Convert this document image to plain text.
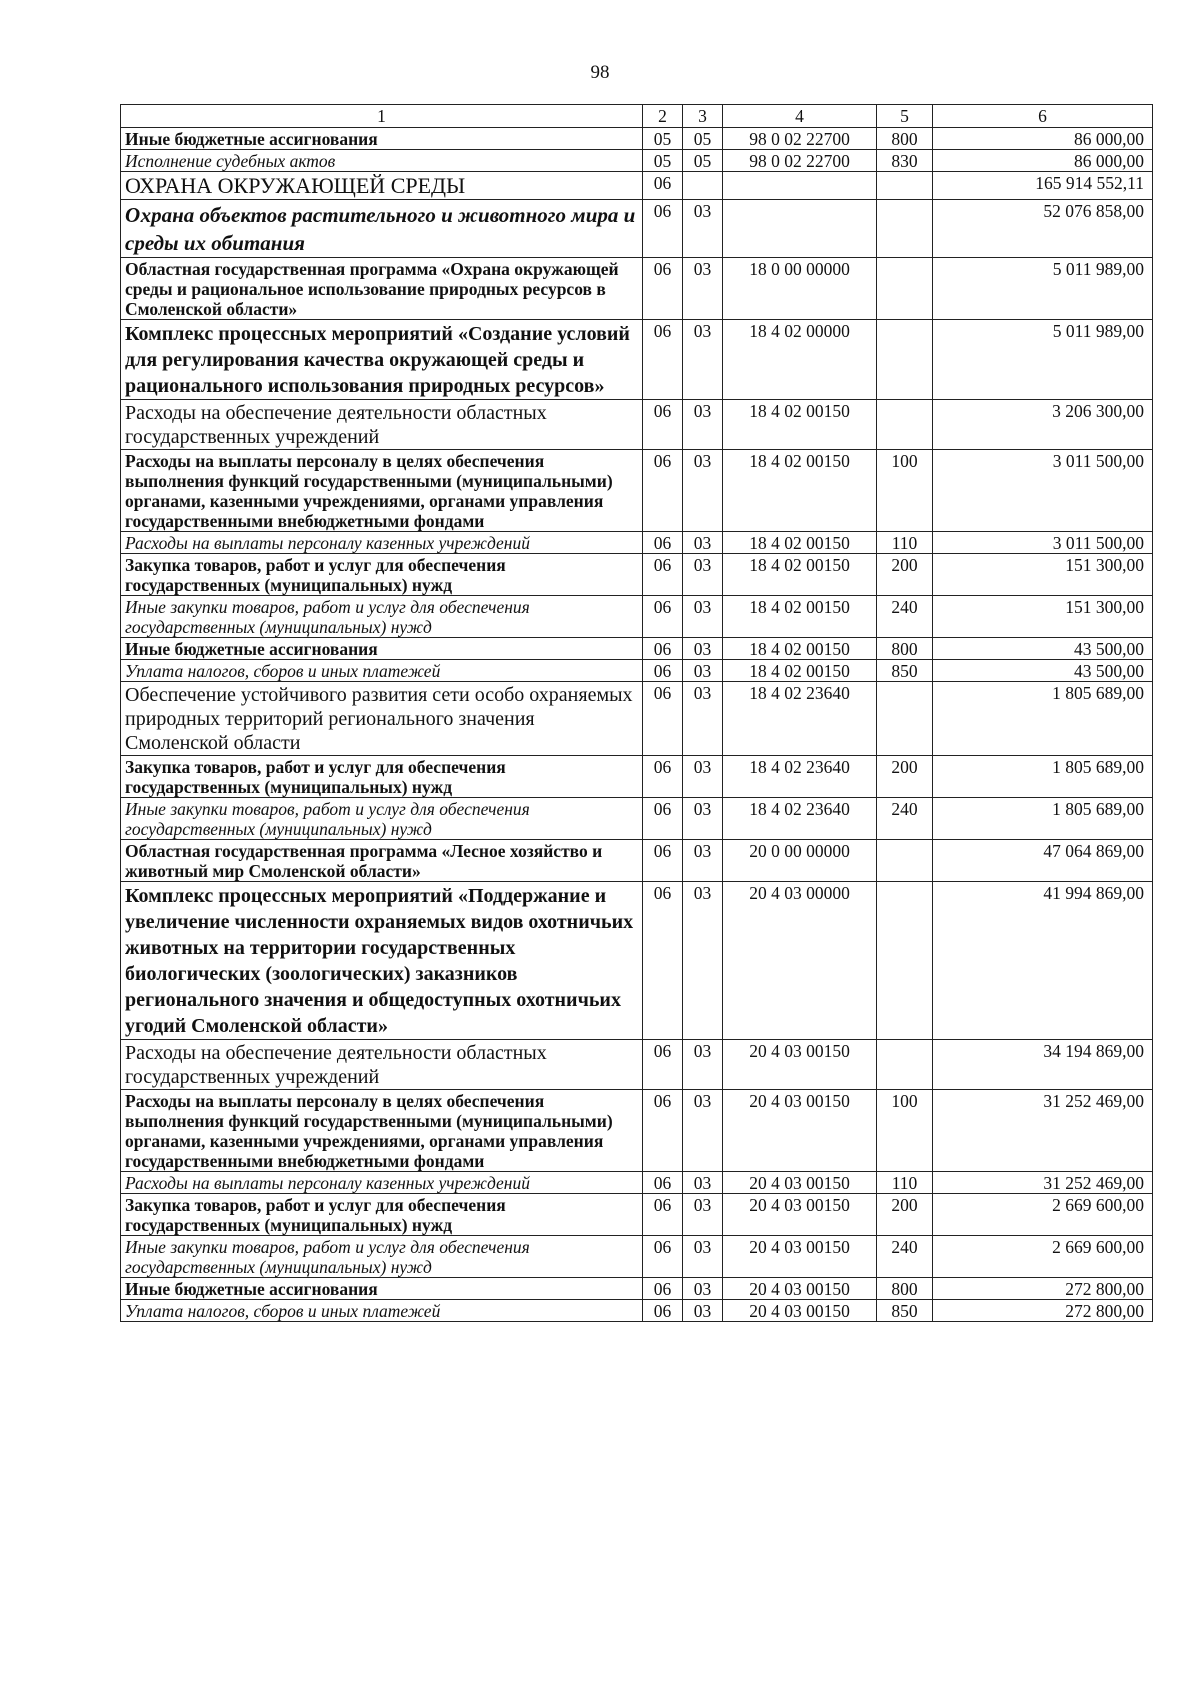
98
1	2	3	4	5	6
Иные бюджетные ассигнования	05	05	98 0 02 22700	800	86 000,00
Исполнение судебных актов	05	05	98 0 02 22700	830	86 000,00
ОХРАНА ОКРУЖАЮЩЕЙ СРЕДЫ	06				165 914 552,11
Охрана объектов растительного и животного мира и среды их обитания	06	03			52 076 858,00
Областная государственная программа «Охрана окружающей среды и рациональное использование природных ресурсов в Смоленской области»	06	03	18 0 00 00000		5 011 989,00
Комплекс процессных мероприятий «Создание условий для регулирования качества окружающей среды и рационального использования природных ресурсов»	06	03	18 4 02 00000		5 011 989,00
Расходы на обеспечение деятельности областных государственных учреждений	06	03	18 4 02 00150		3 206 300,00
Расходы на выплаты персоналу в целях обеспечения выполнения функций государственными (муниципальными) органами, казенными учреждениями, органами управления государственными внебюджетными фондами	06	03	18 4 02 00150	100	3 011 500,00
Расходы на выплаты персоналу казенных учреждений	06	03	18 4 02 00150	110	3 011 500,00
Закупка товаров, работ и услуг для обеспечения государственных (муниципальных) нужд	06	03	18 4 02 00150	200	151 300,00
Иные закупки товаров, работ и услуг для обеспечения государственных (муниципальных) нужд	06	03	18 4 02 00150	240	151 300,00
Иные бюджетные ассигнования	06	03	18 4 02 00150	800	43 500,00
Уплата налогов, сборов и иных платежей	06	03	18 4 02 00150	850	43 500,00
Обеспечение устойчивого развития сети особо охраняемых природных территорий регионального значения Смоленской области	06	03	18 4 02 23640		1 805 689,00
Закупка товаров, работ и услуг для обеспечения государственных (муниципальных) нужд	06	03	18 4 02 23640	200	1 805 689,00
Иные закупки товаров, работ и услуг для обеспечения государственных (муниципальных) нужд	06	03	18 4 02 23640	240	1 805 689,00
Областная государственная программа «Лесное хозяйство и животный мир Смоленской области»	06	03	20 0 00 00000		47 064 869,00
Комплекс процессных мероприятий «Поддержание и увеличение численности охраняемых видов охотничьих животных на территории государственных биологических (зоологических) заказников регионального значения и общедоступных охотничьих угодий Смоленской области»	06	03	20 4 03 00000		41 994 869,00
Расходы на обеспечение деятельности областных государственных учреждений	06	03	20 4 03 00150		34 194 869,00
Расходы на выплаты персоналу в целях обеспечения выполнения функций государственными (муниципальными) органами, казенными учреждениями, органами управления государственными внебюджетными фондами	06	03	20 4 03 00150	100	31 252 469,00
Расходы на выплаты персоналу казенных учреждений	06	03	20 4 03 00150	110	31 252 469,00
Закупка товаров, работ и услуг для обеспечения государственных (муниципальных) нужд	06	03	20 4 03 00150	200	2 669 600,00
Иные закупки товаров, работ и услуг для обеспечения государственных (муниципальных) нужд	06	03	20 4 03 00150	240	2 669 600,00
Иные бюджетные ассигнования	06	03	20 4 03 00150	800	272 800,00
Уплата налогов, сборов и иных платежей	06	03	20 4 03 00150	850	272 800,00
